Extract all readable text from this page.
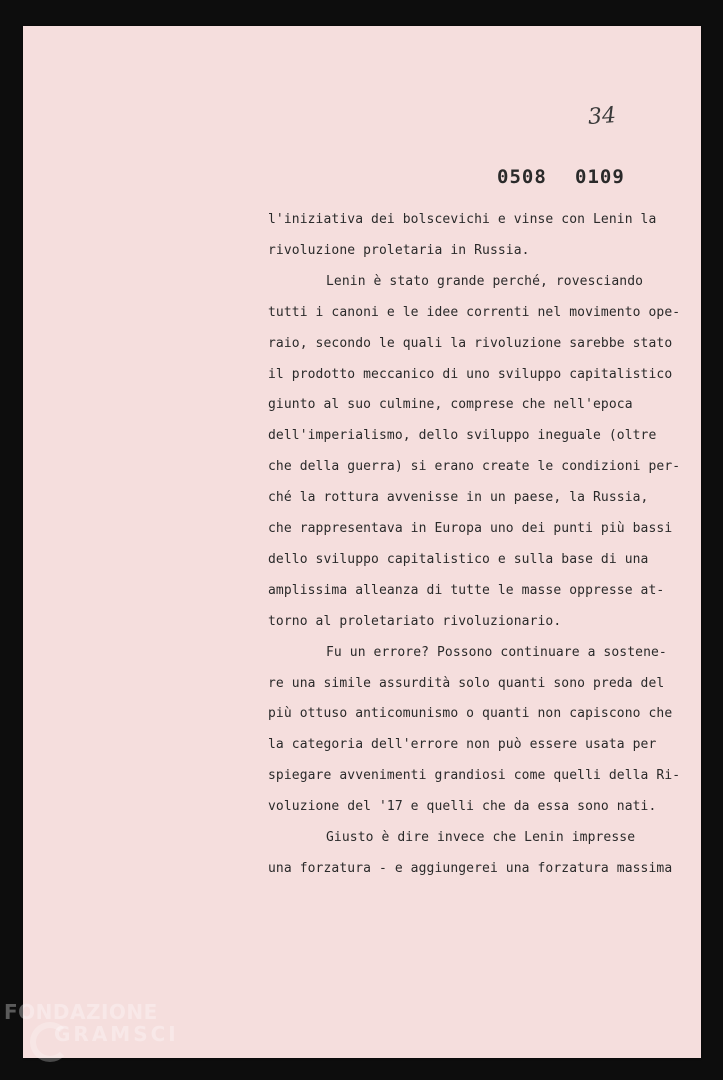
34
0508 0109
l'iniziativa dei bolscevichi e vinse con Lenin la
rivoluzione proletaria in Russia.
Lenin è stato grande perché, rovesciando
tutti i canoni e le idee correnti nel movimento ope-
raio, secondo le quali la rivoluzione sarebbe stato
il prodotto meccanico di uno sviluppo capitalistico
giunto al suo culmine, comprese che nell'epoca
dell'imperialismo, dello sviluppo ineguale (oltre
che della guerra) si erano create le condizioni per-
ché la rottura avvenisse in un paese, la Russia,
che rappresentava in Europa uno dei punti più bassi
dello sviluppo capitalistico e sulla base di una
amplissima alleanza di tutte le masse oppresse at-
torno al proletariato rivoluzionario.
Fu un errore? Possono continuare a sostene-
re una simile assurdità solo quanti sono preda del
più ottuso anticomunismo o quanti non capiscono che
la categoria dell'errore non può essere usata per
spiegare avvenimenti grandiosi come quelli della Ri-
voluzione del '17 e quelli che da essa sono nati.
Giusto è dire invece che Lenin impresse
una forzatura - e aggiungerei una forzatura massima
FONDAZIONE
GRAMSCI
